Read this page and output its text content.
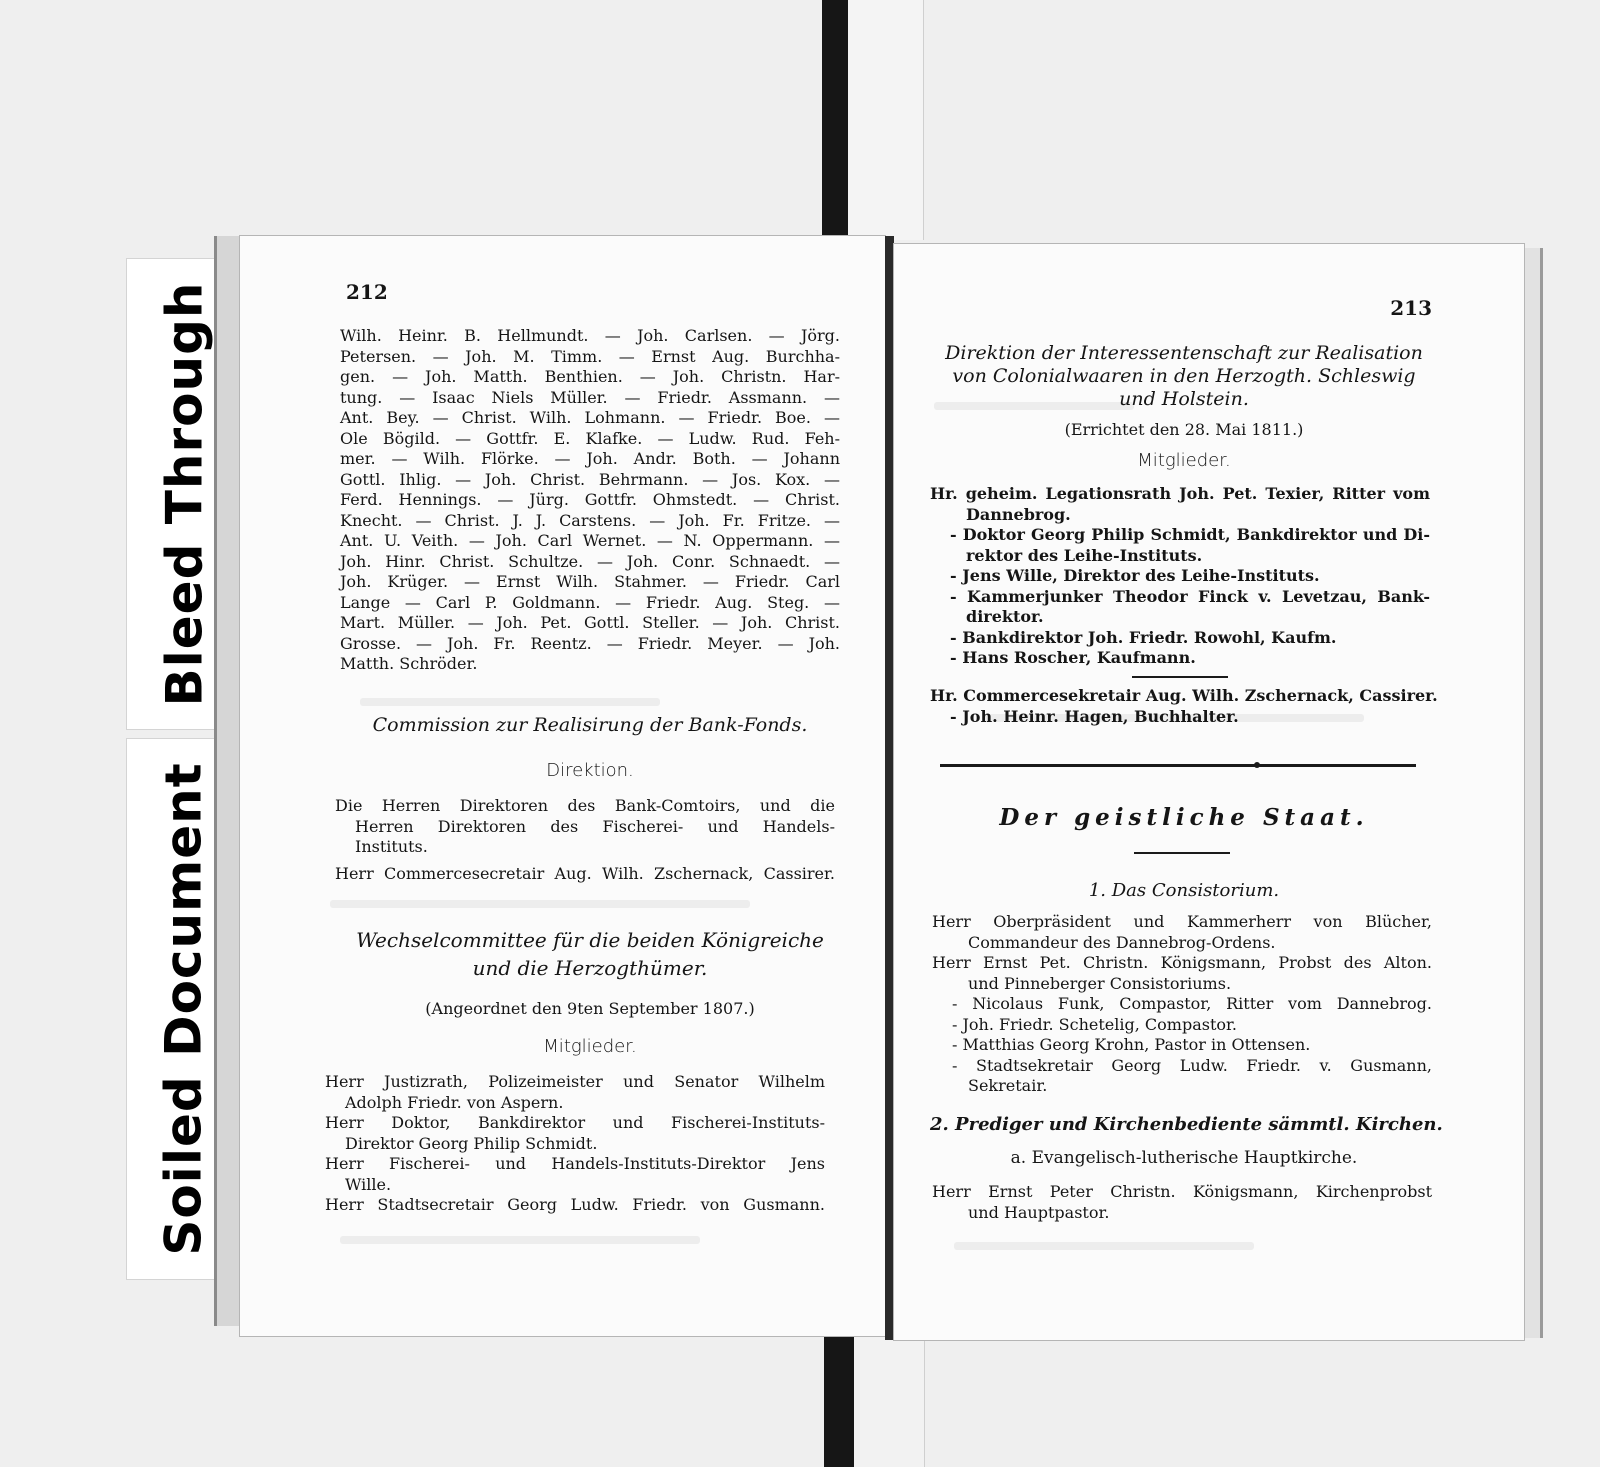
Bleed Through
Soiled Document
212
Wilh. Heinr. B. Hellmundt. — Joh. Carlsen. — Jörg.
Petersen. — Joh. M. Timm. — Ernst Aug. Burchha-
gen. — Joh. Matth. Benthien. — Joh. Christn. Har-
tung. — Isaac Niels Müller. — Friedr. Assmann. —
Ant. Bey. — Christ. Wilh. Lohmann. — Friedr. Boe. —
Ole Bögild. — Gottfr. E. Klafke. — Ludw. Rud. Feh-
mer. — Wilh. Flörke. — Joh. Andr. Both. — Johann
Gottl. Ihlig. — Joh. Christ. Behrmann. — Jos. Kox. —
Ferd. Hennings. — Jürg. Gottfr. Ohmstedt. — Christ.
Knecht. — Christ. J. J. Carstens. — Joh. Fr. Fritze. —
Ant. U. Veith. — Joh. Carl Wernet. — N. Oppermann. —
Joh. Hinr. Christ. Schultze. — Joh. Conr. Schnaedt. —
Joh. Krüger. — Ernst Wilh. Stahmer. — Friedr. Carl
Lange — Carl P. Goldmann. — Friedr. Aug. Steg. —
Mart. Müller. — Joh. Pet. Gottl. Steller. — Joh. Christ.
Grosse. — Joh. Fr. Reentz. — Friedr. Meyer. — Joh.
Matth. Schröder.
Commission zur Realisirung der Bank-Fonds.
Direktion.
Die Herren Direktoren des Bank-Comtoirs, und die
Herren Direktoren des Fischerei- und Handels-
Instituts.
Herr Commercesecretair Aug. Wilh. Zschernack, Cassirer.
Wechselcommittee für die beiden Königreiche
und die Herzogthümer.
(Angeordnet den 9ten September 1807.)
Mitglieder.
Herr Justizrath, Polizeimeister und Senator Wilhelm
Adolph Friedr. von Aspern.
Herr Doktor, Bankdirektor und Fischerei-Instituts-
Direktor Georg Philip Schmidt.
Herr Fischerei- und Handels-Instituts-Direktor Jens
Wille.
Herr Stadtsecretair Georg Ludw. Friedr. von Gusmann.
213
Direktion der Interessentenschaft zur Realisation
von Colonialwaaren in den Herzogth. Schleswig
und Holstein.
(Errichtet den 28. Mai 1811.)
Mitglieder.
Hr. geheim. Legationsrath Joh. Pet. Texier, Ritter vom
Dannebrog.
- Doktor Georg Philip Schmidt, Bankdirektor und Di-
rektor des Leihe-Instituts.
- Jens Wille, Direktor des Leihe-Instituts.
- Kammerjunker Theodor Finck v. Levetzau, Bank-
direktor.
- Bankdirektor Joh. Friedr. Rowohl, Kaufm.
- Hans Roscher, Kaufmann.
Hr. Commercesekretair Aug. Wilh. Zschernack, Cassirer.
- Joh. Heinr. Hagen, Buchhalter.
Der geistliche Staat.
1. Das Consistorium.
Herr Oberpräsident und Kammerherr von Blücher,
Commandeur des Dannebrog-Ordens.
Herr Ernst Pet. Christn. Königsmann, Probst des Alton.
und Pinneberger Consistoriums.
- Nicolaus Funk, Compastor, Ritter vom Dannebrog.
- Joh. Friedr. Schetelig, Compastor.
- Matthias Georg Krohn, Pastor in Ottensen.
- Stadtsekretair Georg Ludw. Friedr. v. Gusmann,
Sekretair.
2. Prediger und Kirchenbediente sämmtl. Kirchen.
a. Evangelisch-lutherische Hauptkirche.
Herr Ernst Peter Christn. Königsmann, Kirchenprobst
und Hauptpastor.
